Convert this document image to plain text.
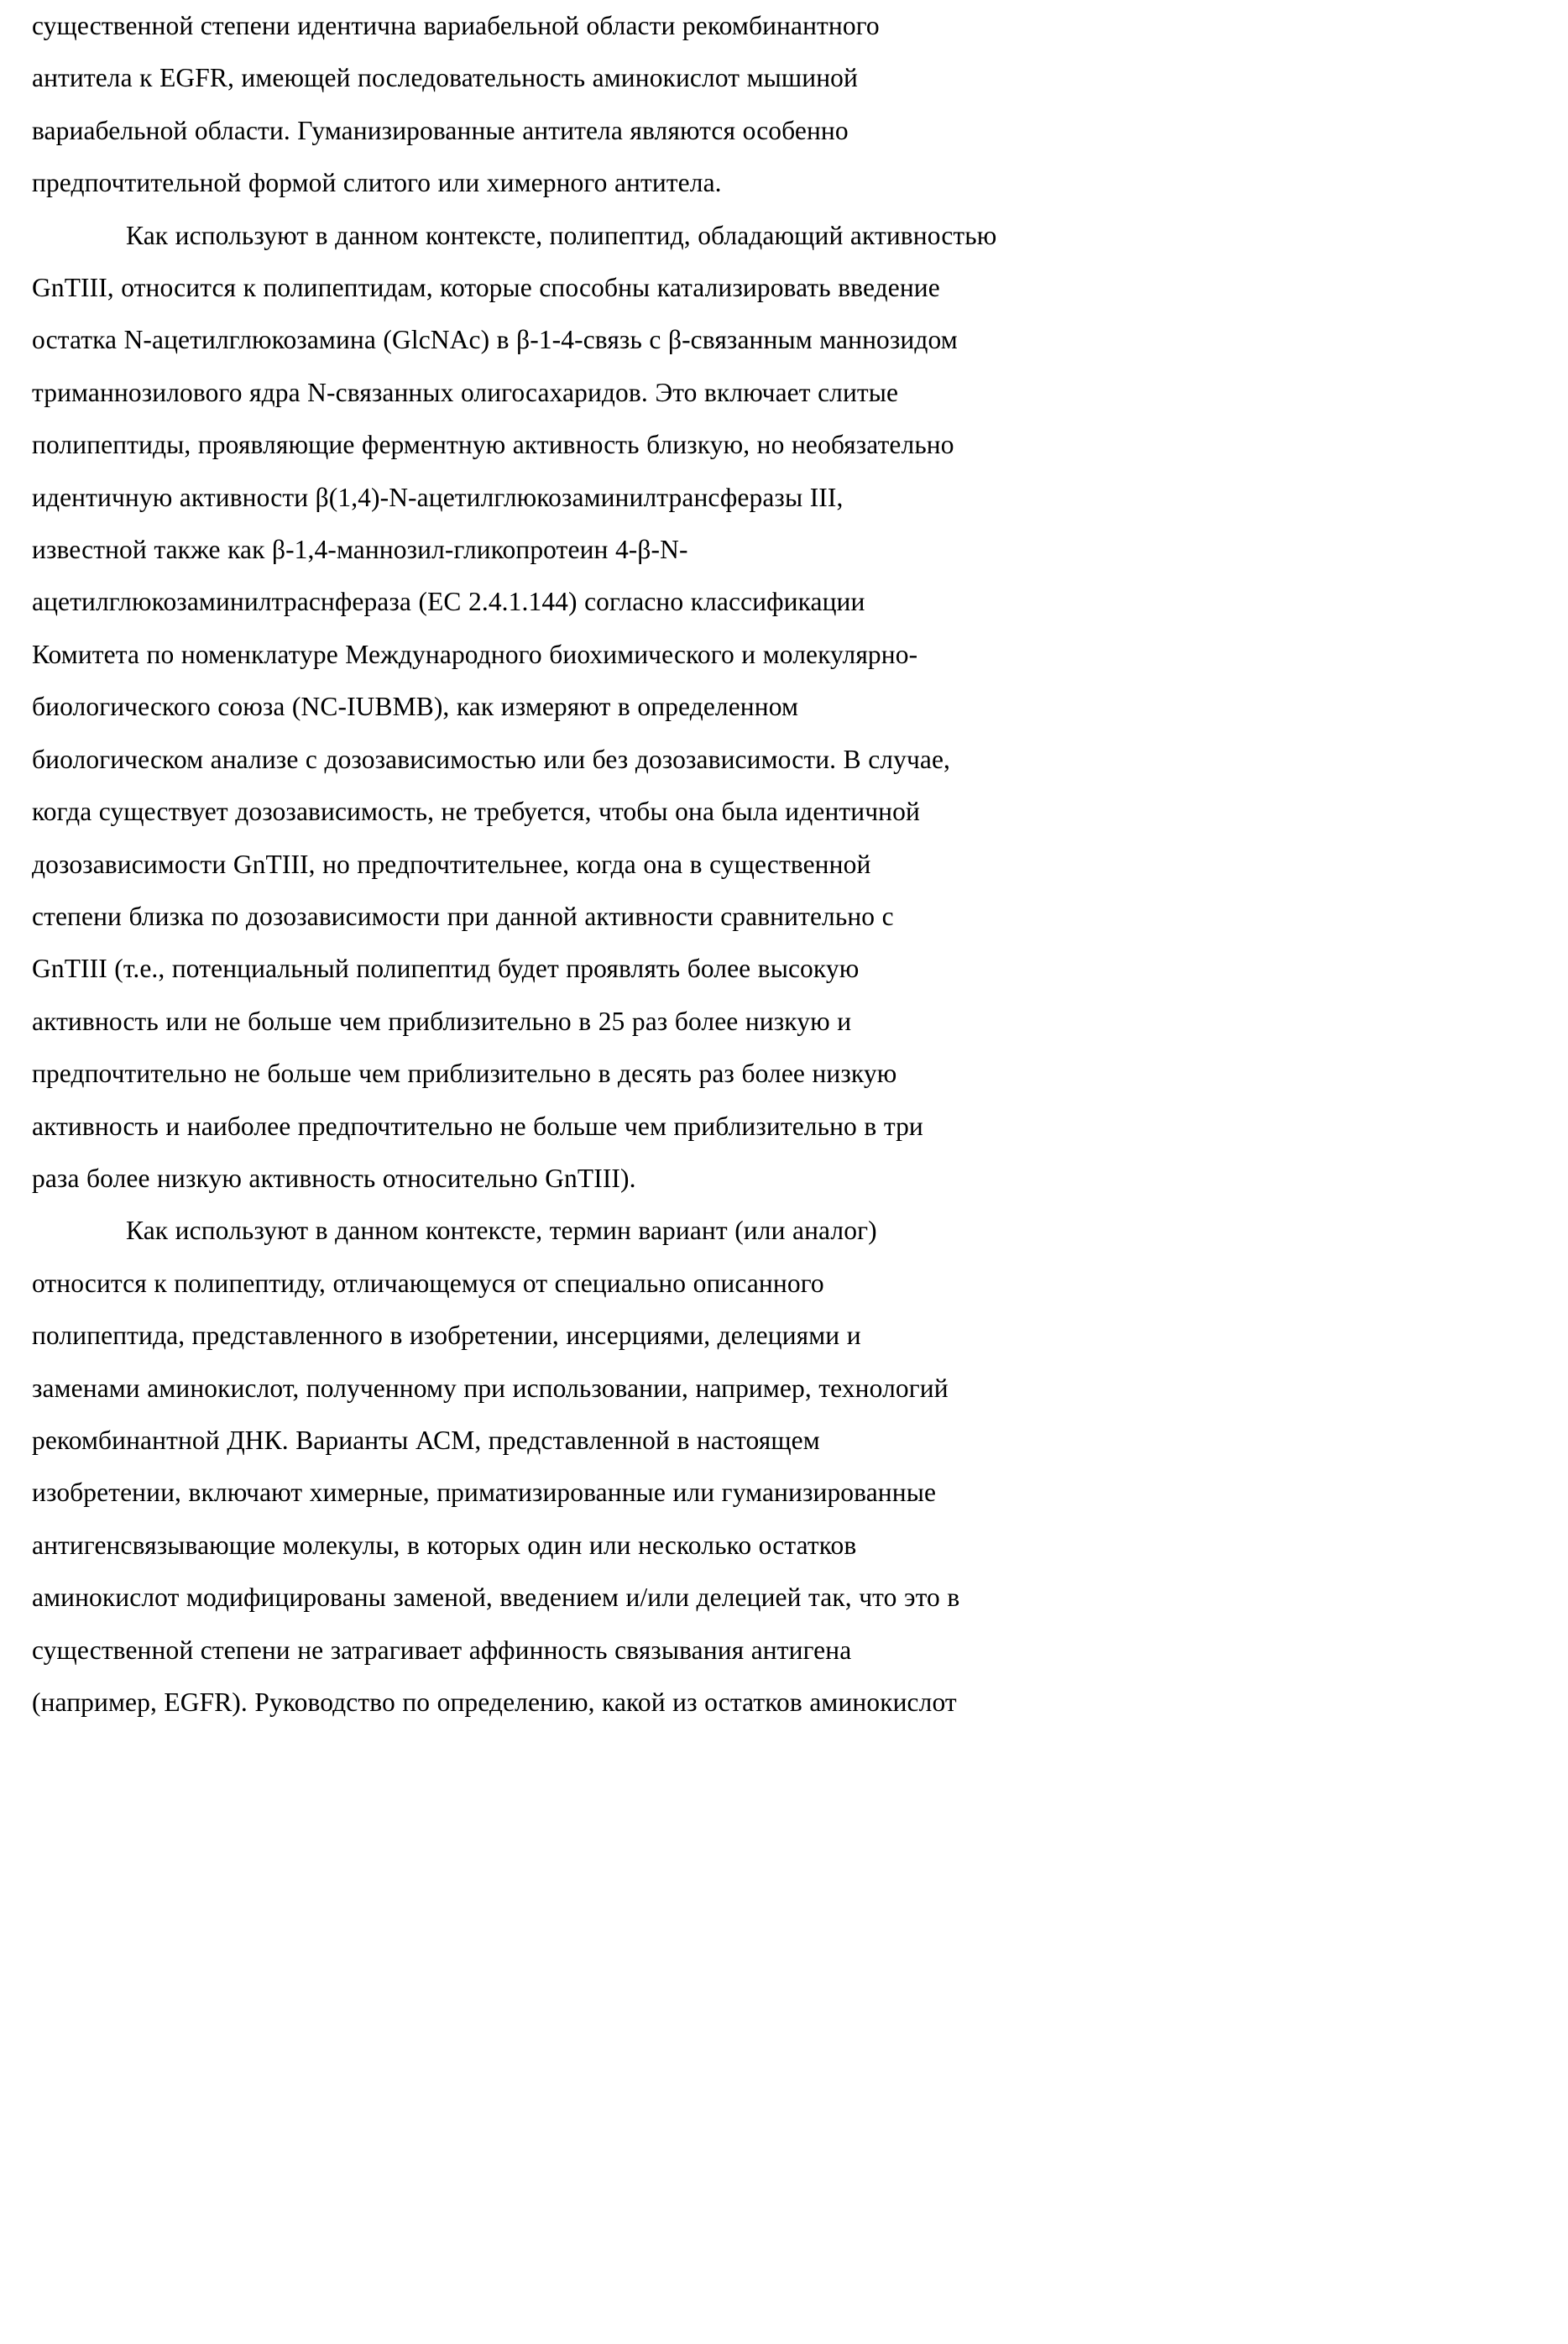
существенной степени идентична вариабельной области рекомбинантного
антитела к EGFR, имеющей последовательность аминокислот мышиной
вариабельной области. Гуманизированные антитела являются особенно
предпочтительной формой слитого или химерного антитела.

Как используют в данном контексте, полипептид, обладающий активностью
GnTIII, относится к полипептидам, которые способны катализировать введение
остатка N-ацетилглюкозамина (GlcNAc) в β-1-4-связь с β-связанным маннозидом
триманнозилового ядра N-связанных олигосахаридов. Это включает слитые
полипептиды, проявляющие ферментную активность близкую, но необязательно
идентичную активности β(1,4)-N-ацетилглюкозаминилтрансферазы III,
известной также как β-1,4-маннозил-гликопротеин 4-β-N-
ацетилглюкозаминилтраснфераза (ЕС 2.4.1.144) согласно классификации
Комитета по номенклатуре Международного биохимического и молекулярно-
биологического союза (NC-IUBMB), как измеряют в определенном
биологическом анализе с дозозависимостью или без дозозависимости. В случае,
когда существует дозозависимость, не требуется, чтобы она была идентичной
дозозависимости GnTIII, но предпочтительнее, когда она в существенной
степени близка по дозозависимости при данной активности сравнительно с
GnTIII (т.е., потенциальный полипептид будет проявлять более высокую
активность или не больше чем приблизительно в 25 раз более низкую и
предпочтительно не больше чем приблизительно в десять раз более низкую
активность и наиболее предпочтительно не больше чем приблизительно в три
раза более низкую активность относительно GnTIII).

Как используют в данном контексте, термин вариант (или аналог)
относится к полипептиду, отличающемуся от специально описанного
полипептида, представленного в изобретении, инсерциями, делециями и
заменами аминокислот, полученному при использовании, например, технологий
рекомбинантной ДНК. Варианты АСМ, представленной в настоящем
изобретении, включают химерные, приматизированные или гуманизированные
антигенсвязывающие молекулы, в которых один или несколько остатков
аминокислот модифицированы заменой, введением и/или делецией так, что это в
существенной степени не затрагивает аффинность связывания антигена
(например, EGFR). Руководство по определению, какой из остатков аминокислот
